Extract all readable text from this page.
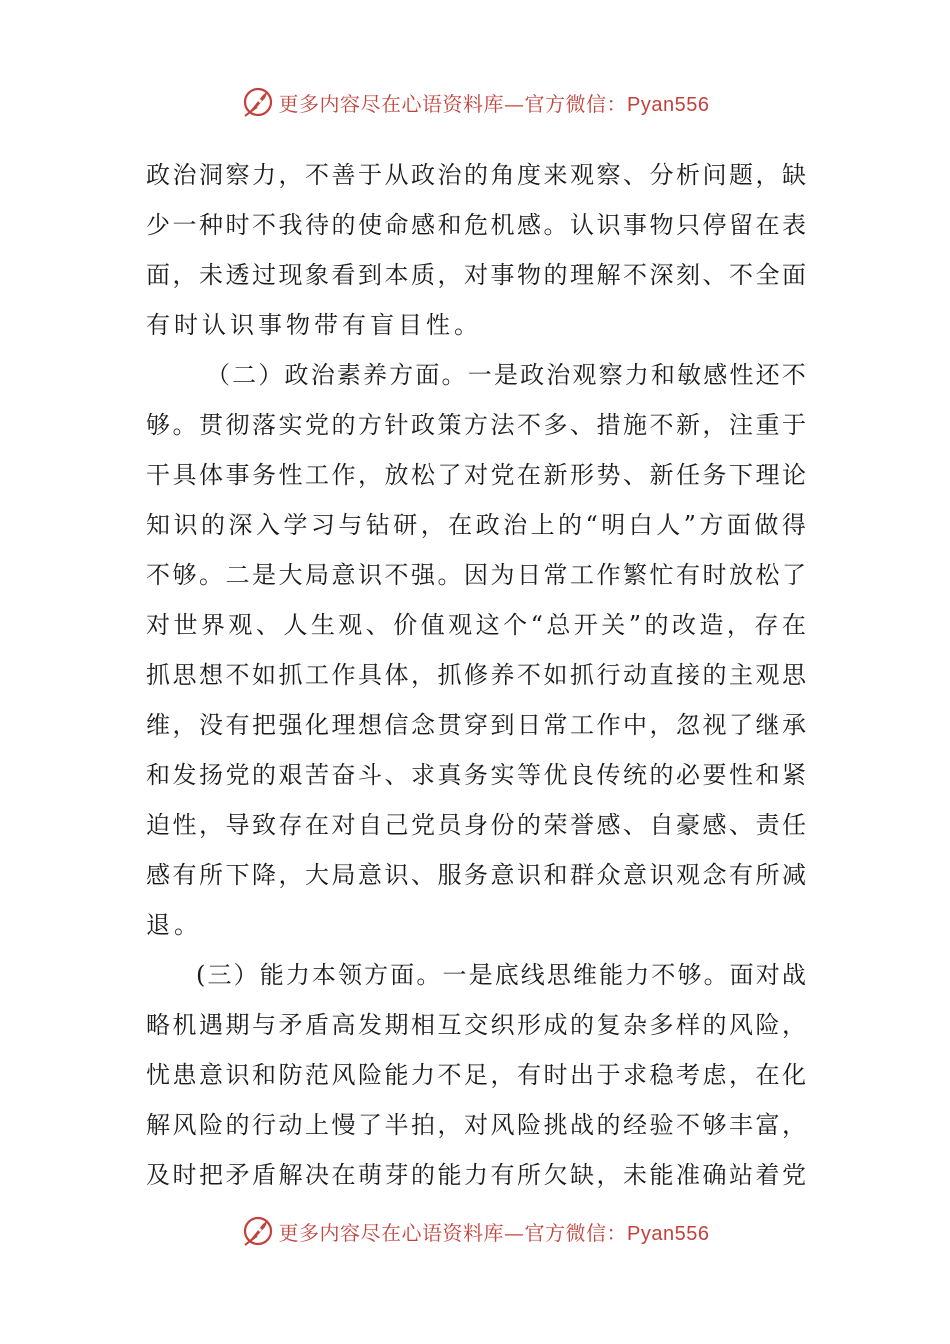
更多内容尽在心语资料库—官方微信：Pyan556
政 治 洞 察 力 ， 不 善 于 从 政 治 的 角 度 来 观 察 、 分 析 问 题 ， 缺
少 一 种 时 不 我 待 的 使 命 感 和 危 机 感 。 认 识 事 物 只 停 留 在 表
面 ， 未 透 过 现 象 看 到 本 质 ， 对 事 物 的 理 解 不 深 刻 、 不 全 面
有时认识事物带有盲目性。
（ 二 ） 政 治 素 养 方 面 。 一 是 政 治 观 察 力 和 敏 感 性 还 不
够 。 贯 彻 落 实 党 的 方 针 政 策 方 法 不 多 、 措 施 不 新 ， 注 重 于
干 具 体 事 务 性 工 作 ， 放 松 了 对 党 在 新 形 势 、 新 任 务 下 理 论
知 识 的 深 入 学 习 与 钻 研 ， 在 政 治 上 的 “ 明 白 人 ” 方 面 做 得
不 够 。 二 是 大 局 意 识 不 强 。 因 为 日 常 工 作 繁 忙 有 时 放 松 了
对 世 界 观 、 人 生 观 、 价 值 观 这 个 “ 总 开 关 ” 的 改 造 ， 存 在
抓 思 想 不 如 抓 工 作 具 体 ， 抓 修 养 不 如 抓 行 动 直 接 的 主 观 思
维 ， 没 有 把 强 化 理 想 信 念 贯 穿 到 日 常 工 作 中 ， 忽 视 了 继 承
和 发 扬 党 的 艰 苦 奋 斗 、 求 真 务 实 等 优 良 传 统 的 必 要 性 和 紧
迫 性 ， 导 致 存 在 对 自 己 党 员 身 份 的 荣 誉 感 、 自 豪 感 、 责 任
感 有 所 下 降 ， 大 局 意 识 、 服 务 意 识 和 群 众 意 识 观 念 有 所 减
退。
( 三 ） 能 力 本 领 方 面 。 一 是 底 线 思 维 能 力 不 够 。 面 对 战
略 机 遇 期 与 矛 盾 高 发 期 相 互 交 织 形 成 的 复 杂 多 样 的 风 险 ，
忧 患 意 识 和 防 范 风 险 能 力 不 足 ， 有 时 出 于 求 稳 考 虑 ， 在 化
解 风 险 的 行 动 上 慢 了 半 拍 ， 对 风 险 挑 战 的 经 验 不 够 丰 富 ，
及 时 把 矛 盾 解 决 在 萌 芽 的 能 力 有 所 欠 缺 ， 未 能 准 确 站 着 党
更多内容尽在心语资料库—官方微信：Pyan556
